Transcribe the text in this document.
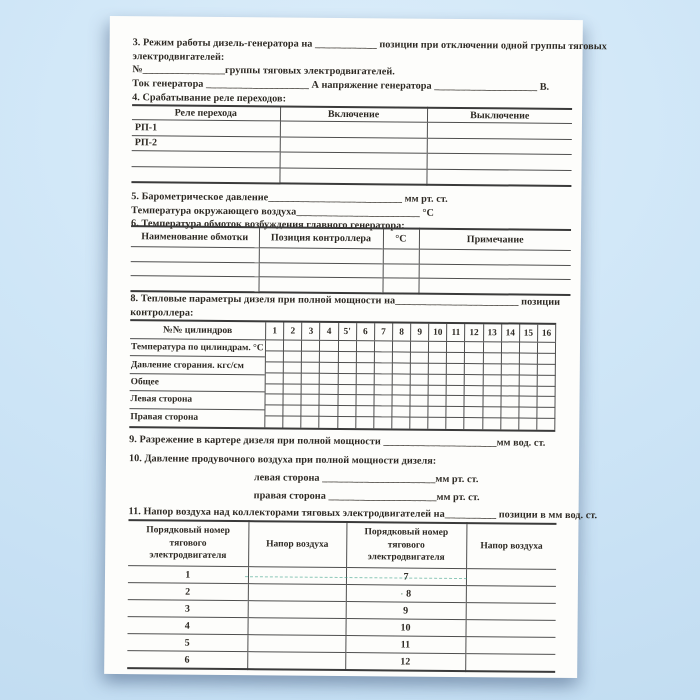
3. Режим работы дизель-генератора на ____________ позиции при отключении одной группы тяговых
электродвигателей:
№________________группы тяговых электродвигателей.
Ток генератора ____________________ А напряжение генератора ____________________ В.
4. Срабатывание реле переходов:
Реле перехода	Включение	Выключение
РП-1		
РП-2		

5. Барометрическое давление__________________________ мм рт. ст.
Температура окружающего воздуха________________________ °С
6. Температура обмоток возбуждения главного генератора:
Наименование обмотки	Позиция контроллера	°С	Примечание

8. Тепловые параметры дизеля при полной мощности на________________________ позиции
контроллера:
№№ цилиндров	1	2	3	4	5'	6	7	8	9	10 11 12 13 14 15 16
Температура по цилиндрам. °С
Давление сгорания. кгс/см
Общее
Левая сторона
Правая сторона
9. Разрежение в картере дизеля при полной мощности ______________________мм вод. ст.
10. Давление продувочного воздуха при полной мощности дизеля:
левая сторона ______________________мм рт. ст.
правая сторона _____________________мм рт. ст.
11. Напор воздуха над коллекторами тяговых электродвигателей на__________ позиции в мм вод. ст.
Порядковый номер тягового электродвигателя	Напор воздуха	Порядковый номер тягового электродвигателя	Напор воздуха
1		7	
2		· 8	
3		9	
4		10	
5		11	
6		12	
